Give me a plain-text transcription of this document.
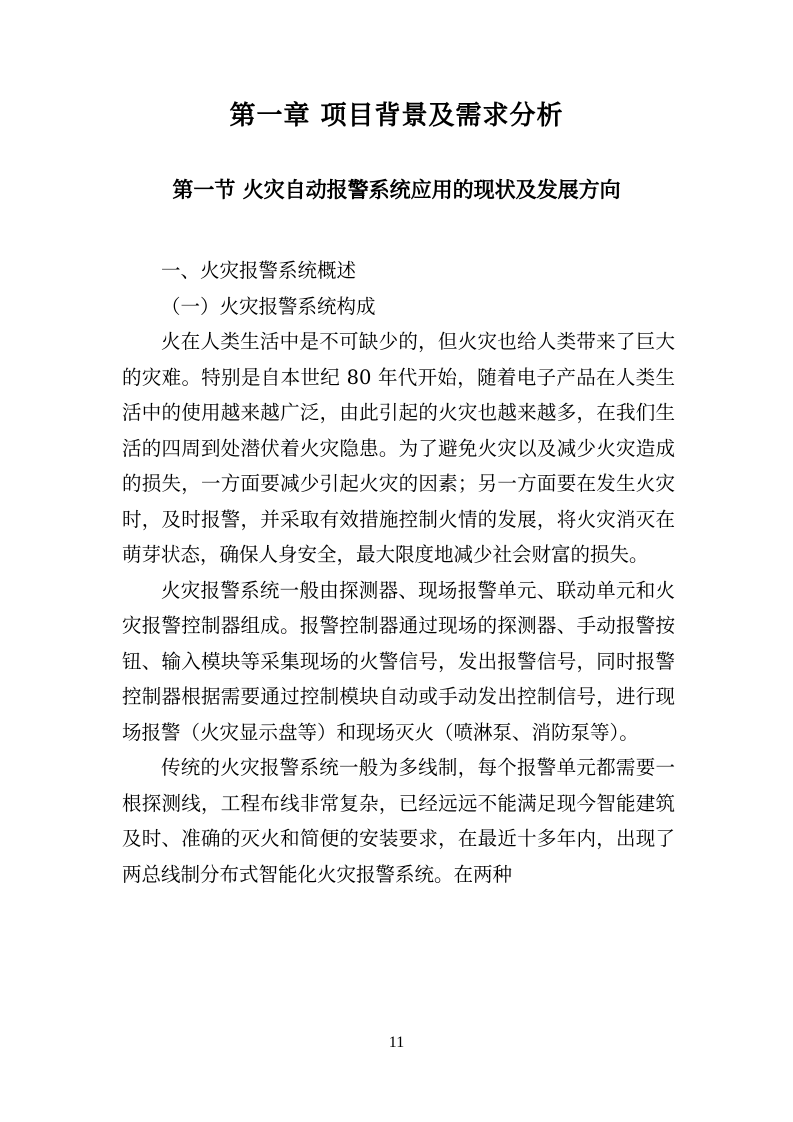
第一章 项目背景及需求分析
第一节 火灾自动报警系统应用的现状及发展方向

一、火灾报警系统概述

（一）火灾报警系统构成

火在人类生活中是不可缺少的，但火灾也给人类带来了巨大的灾难。特别是自本世纪 80 年代开始，随着电子产品在人类生活中的使用越来越广泛，由此引起的火灾也越来越多，在我们生活的四周到处潜伏着火灾隐患。为了避免火灾以及减少火灾造成的损失，一方面要减少引起火灾的因素；另一方面要在发生火灾时，及时报警，并采取有效措施控制火情的发展，将火灾消灭在萌芽状态，确保人身安全，最大限度地减少社会财富的损失。

火灾报警系统一般由探测器、现场报警单元、联动单元和火灾报警控制器组成。报警控制器通过现场的探测器、手动报警按钮、输入模块等采集现场的火警信号，发出报警信号，同时报警控制器根据需要通过控制模块自动或手动发出控制信号，进行现场报警（火灾显示盘等）和现场灭火（喷淋泵、消防泵等）。

传统的火灾报警系统一般为多线制，每个报警单元都需要一根探测线，工程布线非常复杂，已经远远不能满足现今智能建筑及时、准确的灭火和简便的安装要求，在最近十多年内，出现了两总线制分布式智能化火灾报警系统。在两种

11
